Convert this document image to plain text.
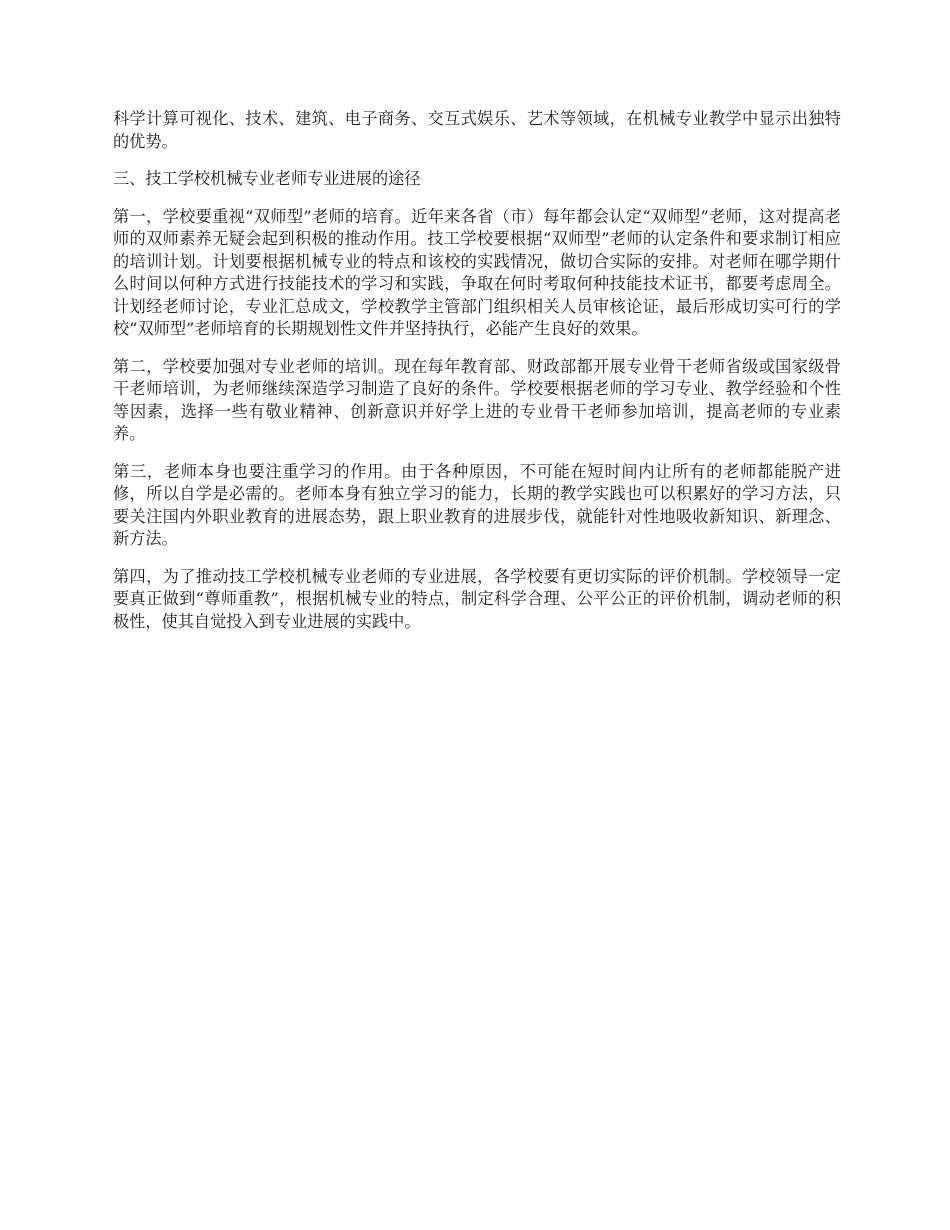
科学计算可视化、技术、建筑、电子商务、交互式娱乐、艺术等领域，在机械专业教学中显示出独特的优势。

三、技工学校机械专业老师专业进展的途径

第一，学校要重视“双师型”老师的培育。近年来各省（市）每年都会认定“双师型”老师，这对提高老师的双师素养无疑会起到积极的推动作用。技工学校要根据“双师型”老师的认定条件和要求制订相应的培训计划。计划要根据机械专业的特点和该校的实践情况，做切合实际的安排。对老师在哪学期什么时间以何种方式进行技能技术的学习和实践，争取在何时考取何种技能技术证书，都要考虑周全。计划经老师讨论，专业汇总成文，学校教学主管部门组织相关人员审核论证，最后形成切实可行的学校“双师型”老师培育的长期规划性文件并坚持执行，必能产生良好的效果。

第二，学校要加强对专业老师的培训。现在每年教育部、财政部都开展专业骨干老师省级或国家级骨干老师培训，为老师继续深造学习制造了良好的条件。学校要根据老师的学习专业、教学经验和个性等因素，选择一些有敬业精神、创新意识并好学上进的专业骨干老师参加培训，提高老师的专业素养。

第三，老师本身也要注重学习的作用。由于各种原因，不可能在短时间内让所有的老师都能脱产进修，所以自学是必需的。老师本身有独立学习的能力，长期的教学实践也可以积累好的学习方法，只要关注国内外职业教育的进展态势，跟上职业教育的进展步伐，就能针对性地吸收新知识、新理念、新方法。

第四，为了推动技工学校机械专业老师的专业进展，各学校要有更切实际的评价机制。学校领导一定要真正做到“尊师重教”，根据机械专业的特点，制定科学合理、公平公正的评价机制，调动老师的积极性，使其自觉投入到专业进展的实践中。
